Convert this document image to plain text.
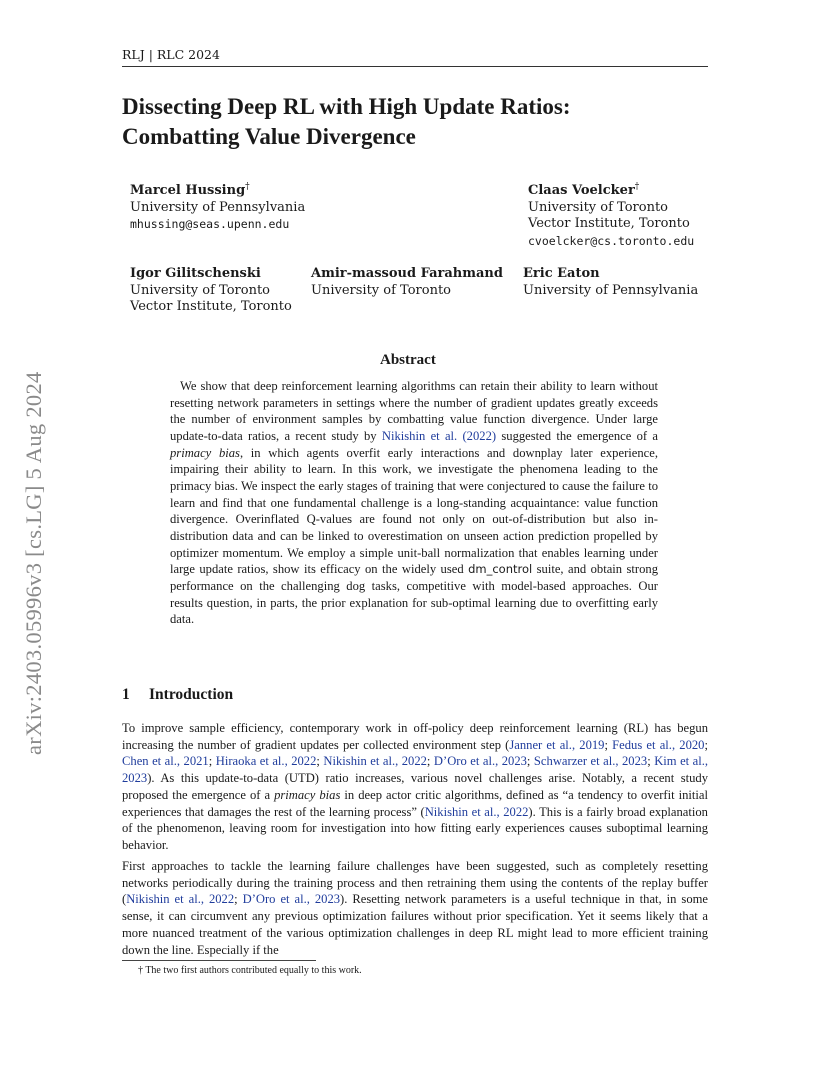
RLJ | RLC 2024
Dissecting Deep RL with High Update Ratios:
Combatting Value Divergence
Marcel Hussing†
University of Pennsylvania
mhussing@seas.upenn.edu
Claas Voelcker†
University of Toronto
Vector Institute, Toronto
cvoelcker@cs.toronto.edu
Igor Gilitschenski
University of Toronto
Vector Institute, Toronto
Amir-massoud Farahmand
University of Toronto
Eric Eaton
University of Pennsylvania
arXiv:2403.05996v3 [cs.LG] 5 Aug 2024
Abstract
We show that deep reinforcement learning algorithms can retain their ability to learn without resetting network parameters in settings where the number of gradient updates greatly exceeds the number of environment samples by combatting value function divergence. Under large update-to-data ratios, a recent study by Nikishin et al. (2022) suggested the emergence of a primacy bias, in which agents overfit early interactions and downplay later experience, impairing their ability to learn. In this work, we investigate the phenomena leading to the primacy bias. We inspect the early stages of training that were conjectured to cause the failure to learn and find that one fundamental challenge is a long-standing acquaintance: value function divergence. Overinflated Q-values are found not only on out-of-distribution but also in-distribution data and can be linked to overestimation on unseen action prediction propelled by optimizer momentum. We employ a simple unit-ball normalization that enables learning under large update ratios, show its efficacy on the widely used dm_control suite, and obtain strong performance on the challenging dog tasks, competitive with model-based approaches. Our results question, in parts, the prior explanation for sub-optimal learning due to overfitting early data.
1 Introduction
To improve sample efficiency, contemporary work in off-policy deep reinforcement learning (RL) has begun increasing the number of gradient updates per collected environment step (Janner et al., 2019; Fedus et al., 2020; Chen et al., 2021; Hiraoka et al., 2022; Nikishin et al., 2022; D’Oro et al., 2023; Schwarzer et al., 2023; Kim et al., 2023). As this update-to-data (UTD) ratio increases, various novel challenges arise. Notably, a recent study proposed the emergence of a primacy bias in deep actor critic algorithms, defined as “a tendency to overfit initial experiences that damages the rest of the learning process” (Nikishin et al., 2022). This is a fairly broad explanation of the phenomenon, leaving room for investigation into how fitting early experiences causes suboptimal learning behavior.
First approaches to tackle the learning failure challenges have been suggested, such as completely resetting networks periodically during the training process and then retraining them using the contents of the replay buffer (Nikishin et al., 2022; D’Oro et al., 2023). Resetting network parameters is a useful technique in that, in some sense, it can circumvent any previous optimization failures without prior specification. Yet it seems likely that a more nuanced treatment of the various optimization challenges in deep RL might lead to more efficient training down the line. Especially if the
† The two first authors contributed equally to this work.
